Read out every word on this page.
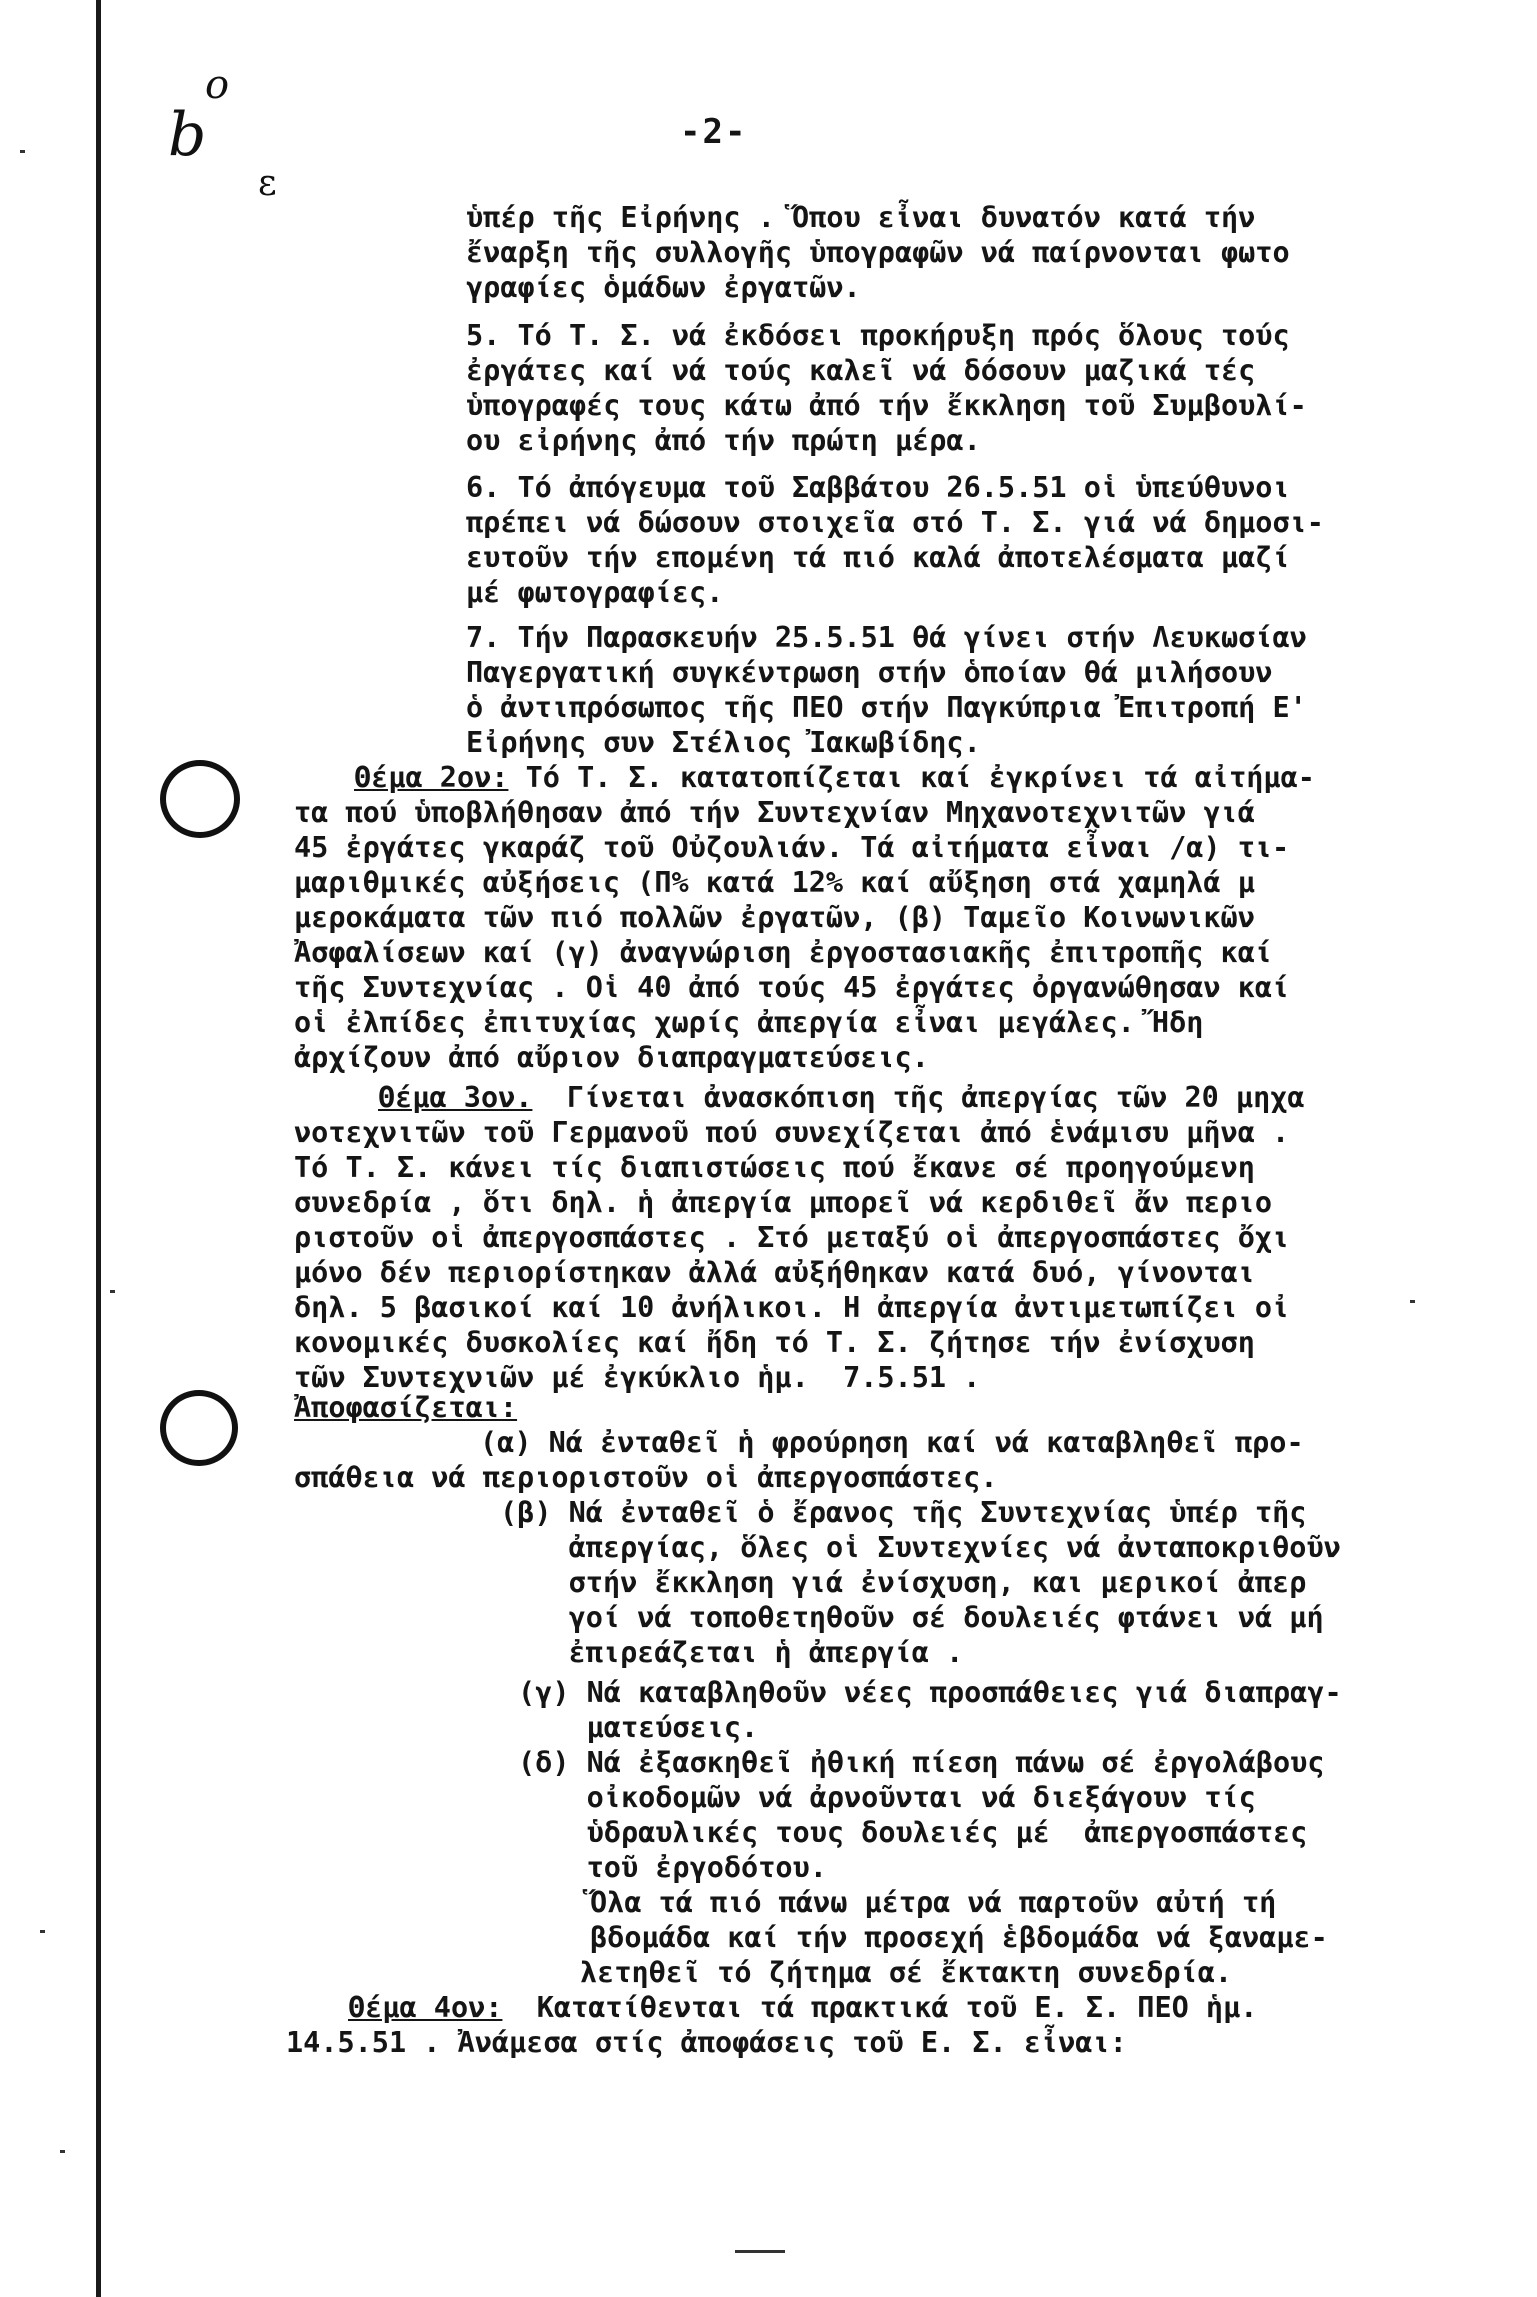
o
b
ε
-2-

ὑπέρ τῆς Εἰρήνης . Ὅπου εἶναι δυνατόν κατά τήν

ἔναρξη τῆς συλλογῆς ὑπογραφῶν νά παίρνονται φωτο

γραφίες ὁμάδων ἐργατῶν.

5. Τό Τ. Σ. νά ἐκδόσει προκήρυξη πρός ὅλους τούς

ἐργάτες καί νά τούς καλεῖ νά δόσουν μαζικά τές

ὑπογραφές τους κάτω ἀπό τήν ἔκκληση τοῦ Συμβουλί-

ου εἰρήνης ἀπό τήν πρώτη μέρα.

6. Τό ἀπόγευμα τοῦ Σαββάτου 26.5.51 οἱ ὑπεύθυνοι

πρέπει νά δώσουν στοιχεῖα στό Τ. Σ. γιά νά δημοσι-

ευτοῦν τήν επομένη τά πιό καλά ἀποτελέσματα μαζί

μέ φωτογραφίες.

7. Τήν Παρασκευήν 25.5.51 θά γίνει στήν Λευκωσίαν

Παγεργατική συγκέντρωση στήν ὁποίαν θά μιλήσουν

ὁ ἀντιπρόσωπος τῆς ΠΕΟ στήν Παγκύπρια Ἐπιτροπή Ε'

Εἰρήνης συν Στέλιος Ἰακωβίδης.

Θέμα 2ον: Τό Τ. Σ. κατατοπίζεται καί ἐγκρίνει τά αἰτήμα-

τα πού ὑποβλήθησαν ἀπό τήν Συντεχνίαν Μηχανοτεχνιτῶν γιά

45 ἐργάτες γκαράζ τοῦ Οὐζουλιάν. Τά αἰτήματα εἶναι /α) τι-

μαριθμικές αὐξήσεις (Π% κατά 12% καί αὔξηση στά χαμηλά μ

μεροκάματα τῶν πιό πολλῶν ἐργατῶν, (β) Ταμεῖο Κοινωνικῶν

Ἀσφαλίσεων καί (γ) ἀναγνώριση ἐργοστασιακῆς ἐπιτροπῆς καί

τῆς Συντεχνίας . Οἱ 40 ἀπό τούς 45 ἐργάτες ὀργανώθησαν καί

οἱ ἐλπίδες ἐπιτυχίας χωρίς ἀπεργία εἶναι μεγάλες. Ἤδη

ἀρχίζουν ἀπό αὔριον διαπραγματεύσεις.

Θέμα 3ον.  Γίνεται ἀνασκόπιση τῆς ἀπεργίας τῶν 20 μηχα

νοτεχνιτῶν τοῦ Γερμανοῦ πού συνεχίζεται ἀπό ἑνάμισυ μῆνα .

Τό Τ. Σ. κάνει τίς διαπιστώσεις πού ἔκανε σέ προηγούμενη

συνεδρία , ὅτι δηλ. ἡ ἀπεργία μπορεῖ νά κερδιθεῖ ἄν περιο

ριστοῦν οἱ ἀπεργοσπάστες . Στό μεταξύ οἱ ἀπεργοσπάστες ὄχι

μόνο δέν περιορίστηκαν ἀλλά αὐξήθηκαν κατά δυό, γίνονται

δηλ. 5 βασικοί καί 10 ἀνήλικοι. Η ἀπεργία ἀντιμετωπίζει οἰ

κονομικές δυσκολίες καί ἤδη τό Τ. Σ. ζήτησε τήν ἐνίσχυση

τῶν Συντεχνιῶν μέ ἐγκύκλιο ἡμ.  7.5.51 .

Ἀποφασίζεται:

(α) Νά ἐνταθεῖ ἡ φρούρηση καί νά καταβληθεῖ προ-

σπάθεια νά περιοριστοῦν οἱ ἀπεργοσπάστες.

(β) Νά ἐνταθεῖ ὁ ἔρανος τῆς Συντεχνίας ὑπέρ τῆς

ἀπεργίας, ὅλες οἱ Συντεχνίες νά ἀνταποκριθοῦν

στήν ἔκκληση γιά ἐνίσχυση, και μερικοί ἀπερ

γοί νά τοποθετηθοῦν σέ δουλειές φτάνει νά μή

ἐπιρεάζεται ἡ ἀπεργία .

(γ) Νά καταβληθοῦν νέες προσπάθειες γιά διαπραγ-

ματεύσεις.

(δ) Νά ἐξασκηθεῖ ἠθική πίεση πάνω σέ ἐργολάβους

οἰκοδομῶν νά ἀρνοῦνται νά διεξάγουν τίς

ὑδραυλικές τους δουλειές μέ  ἀπεργοσπάστες

τοῦ ἐργοδότου.

Ὅλα τά πιό πάνω μέτρα νά παρτοῦν αὐτή τή

βδομάδα καί τήν προσεχή ἑβδομάδα νά ξαναμε-

λετηθεῖ τό ζήτημα σέ ἔκτακτη συνεδρία.

Θέμα 4ον:  Κατατίθενται τά πρακτικά τοῦ Ε. Σ. ΠΕΟ ἡμ.

14.5.51 . Ἀνάμεσα στίς ἀποφάσεις τοῦ Ε. Σ. εἶναι:
